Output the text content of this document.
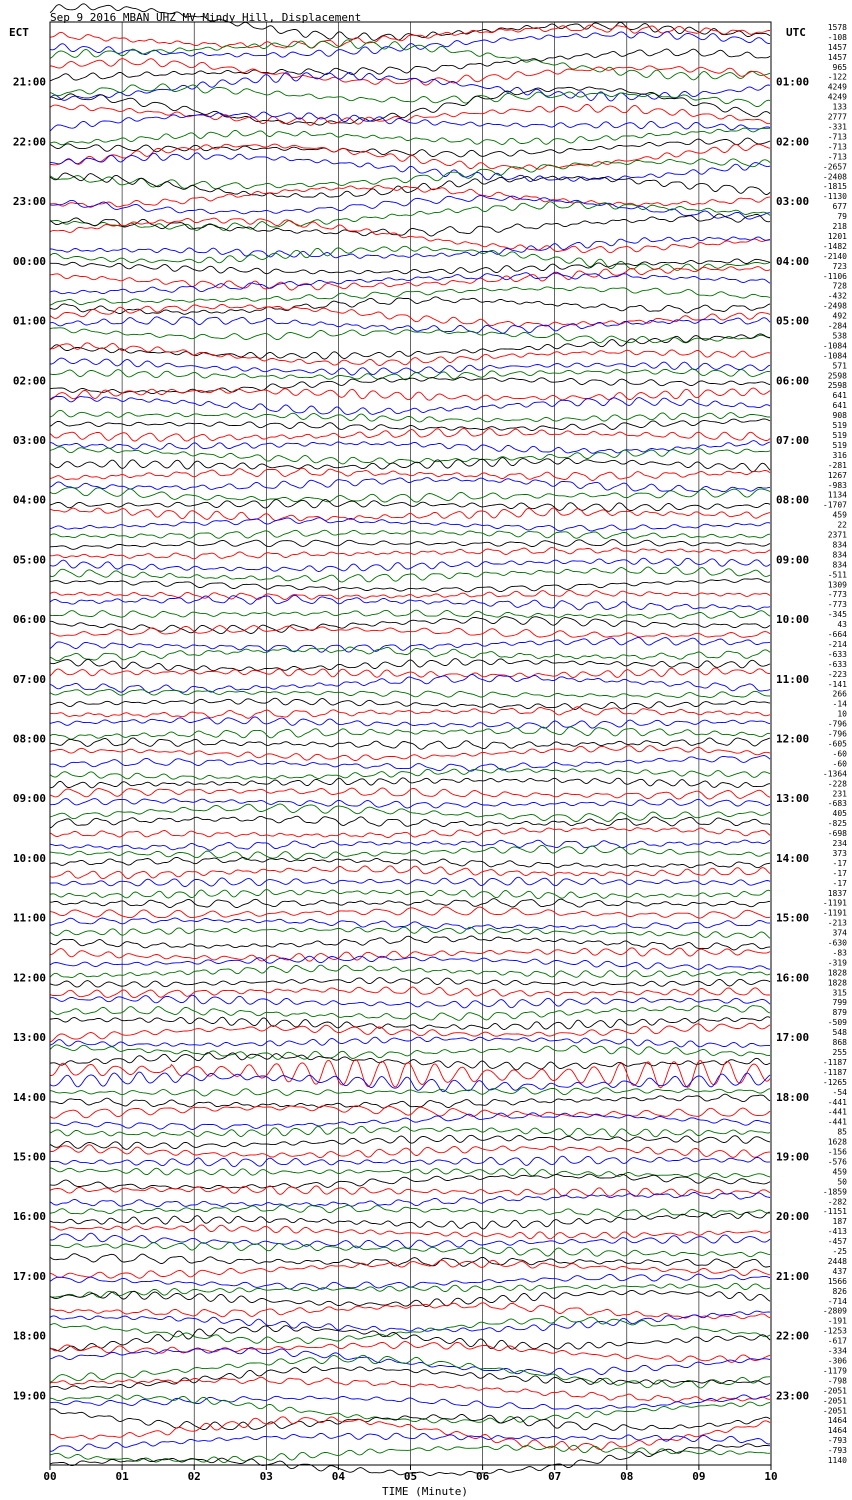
Sep 9 2016 MBAN UHZ MV Mindy Hill, Displacement
ECT	UTC
TIME (Minute)
00	01	02	03	04	05	06	07	08	09	10
21:00
22:00
23:00
00:00
01:00
02:00
03:00
04:00
05:00
06:00
07:00
08:00
09:00
10:00
11:00
12:00
13:00
14:00
15:00
16:00
17:00
18:00
19:00
01:00
02:00
03:00
04:00
05:00
06:00
07:00
08:00
09:00
10:00
11:00
12:00
13:00
14:00
15:00
16:00
17:00
18:00
19:00
20:00
21:00
22:00
23:00
1578
-108
1457
1457
965
-122
4249
4249
133
2777
-331
-713
-713
-713
-2657
-2408
-1815
-1130
677
79
218
1201
-1482
-2140
723
-1106
728
-432
-2498
492
-284
538
-1084
-1084
571
2598
2598
641
641
908
519
519
519
316
-281
1267
-983
1134
-1707
459
22
2371
834
834
834
-511
1309
-773
-773
-345
43
-664
-214
-633
-633
-223
-141
266
-14
10
-796
-796
-605
-60
-60
-1364
-228
231
-683
405
-825
-698
234
373
-17
-17
-17
1837
-1191
-1191
-213
374
-630
-83
-319
1828
1828
315
799
879
-509
548
868
255
-1187
-1187
-1265
-54
-441
-441
-441
85
1628
-156
-576
459
50
-1859
-282
-1151
187
-413
-457
-25
2448
437
1566
826
-714
-2809
-191
-1253
-617
-334
-306
-1179
-798
-2051
-2051
-2051
1464
1464
-793
-793
1140
